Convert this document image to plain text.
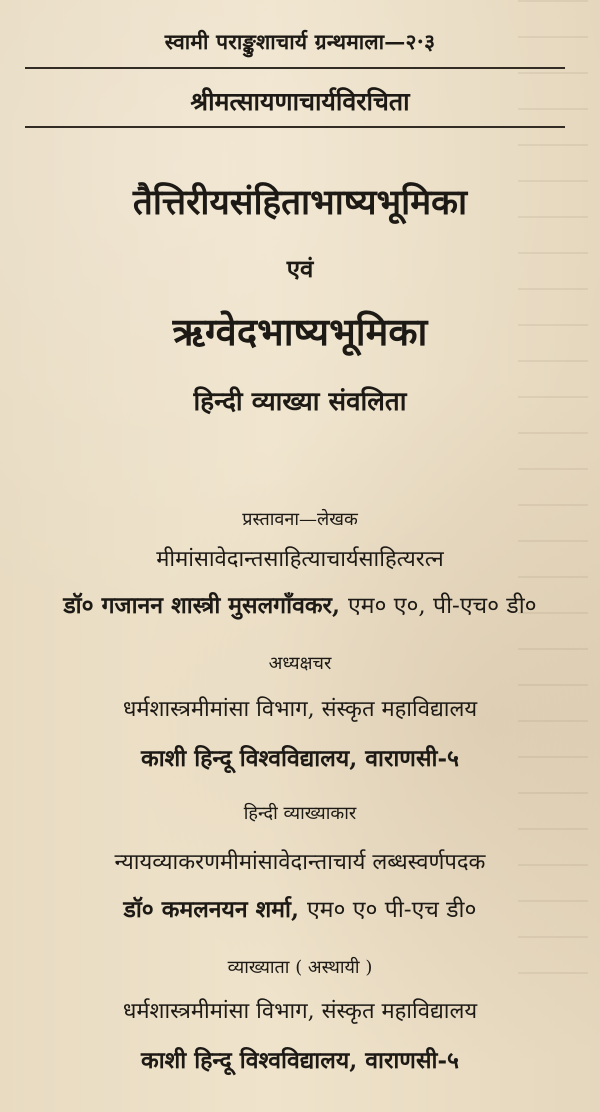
स्वामी पराङ्कुशाचार्य ग्रन्थमाला—२·३
श्रीमत्सायणाचार्यविरचिता
तैत्तिरीयसंहिताभाष्यभूमिका
एवं
ऋग्वेदभाष्यभूमिका
हिन्दी व्याख्या संवलिता
प्रस्तावना—लेखक
मीमांसावेदान्तसाहित्याचार्यसाहित्यरत्न
डॉ० गजानन शास्त्री मुसलगाँवकर, एम० ए०, पी-एच० डी०
अध्यक्षचर
धर्मशास्त्रमीमांसा विभाग, संस्कृत महाविद्यालय
काशी हिन्दू विश्वविद्यालय, वाराणसी-५
हिन्दी व्याख्याकार
न्यायव्याकरणमीमांसावेदान्ताचार्य लब्धस्वर्णपदक
डॉ० कमलनयन शर्मा, एम० ए० पी-एच डी०
व्याख्याता ( अस्थायी )
धर्मशास्त्रमीमांसा विभाग, संस्कृत महाविद्यालय
काशी हिन्दू विश्वविद्यालय, वाराणसी-५
